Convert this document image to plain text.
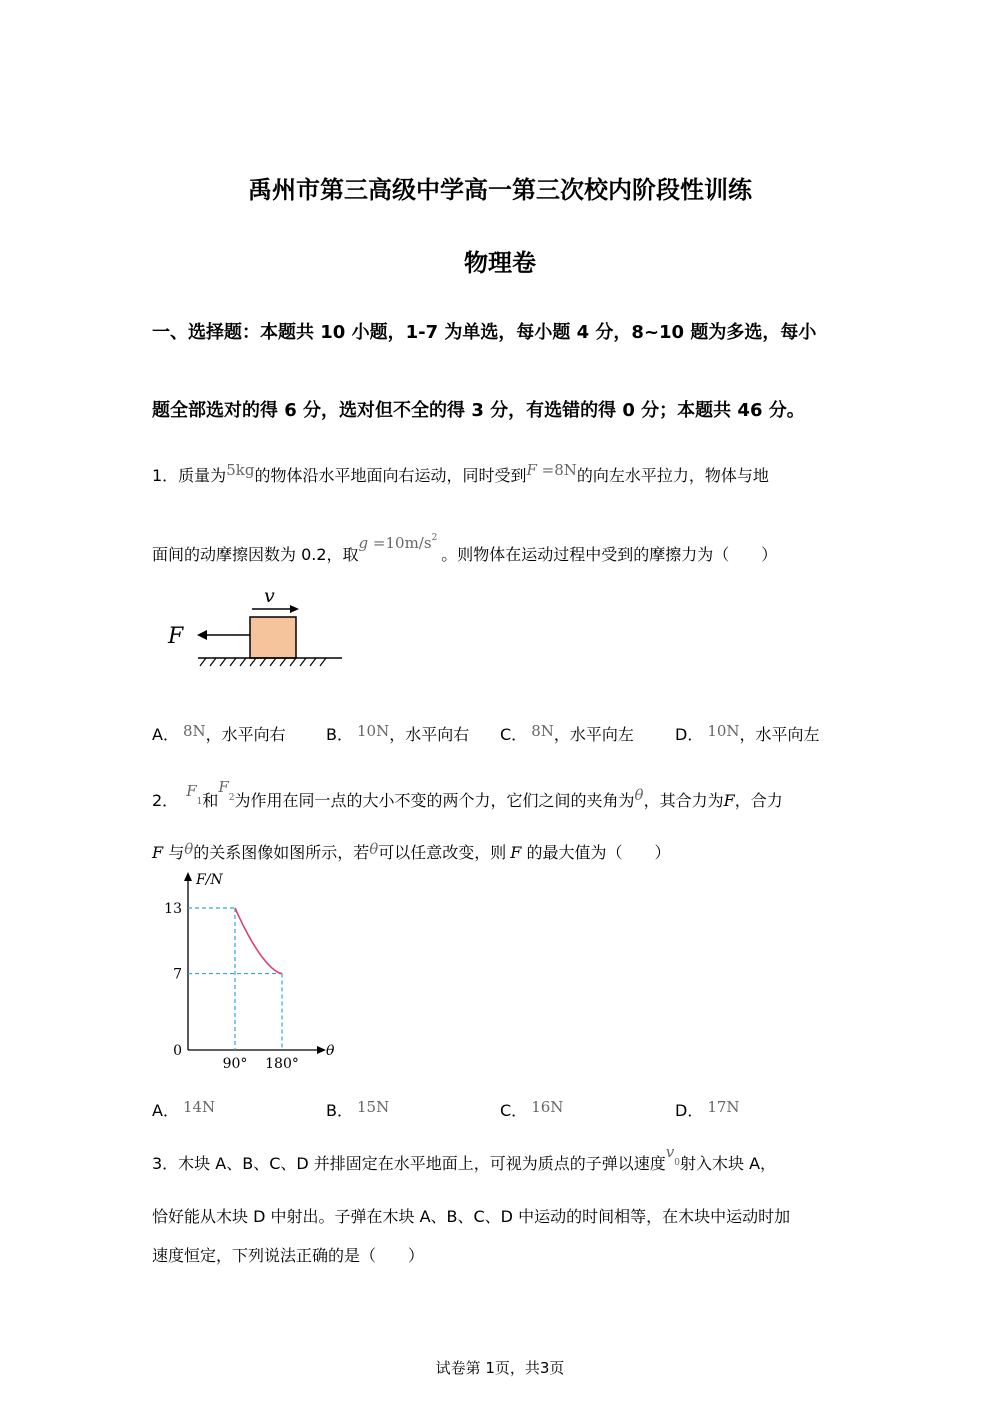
禹州市第三高级中学高一第三次校内阶段性训练
物理卷
一、选择题：本题共 10 小题，1-7 为单选，每小题 4 分，8~10 题为多选，每小
题全部选对的得 6 分，选对但不全的得 3 分，有选错的得 0 分；本题共 46 分。
1．质量为5kg的物体沿水平地面向右运动，同时受到F =8N的向左水平拉力，物体与地
面间的动摩擦因数为 0.2，取$g =10m/s^2$。则物体在运动过程中受到的摩擦力为（　　）
v
F
A． 8N，水平向右	B． 10N，水平向右 C． 8N，水平向左	D． 10N，水平向左
2． $F_1$和$F_2$为作用在同一点的大小不变的两个力，它们之间的夹角为θ，其合力为F，合力
F 与θ的关系图像如图所示，若θ可以任意改变，则 F 的最大值为（　　）
F/N
θ
13
7
0
90° 180°
A． 14N	B． 15N	C． 16N	D． 17N
3．木块 A、B、C、D 并排固定在水平地面上，可视为质点的子弹以速度$v_0$射入木块 A，
恰好能从木块 D 中射出。子弹在木块 A、B、C、D 中运动的时间相等，在木块中运动时加
速度恒定，下列说法正确的是（　　）
试卷第 1页，共3页
